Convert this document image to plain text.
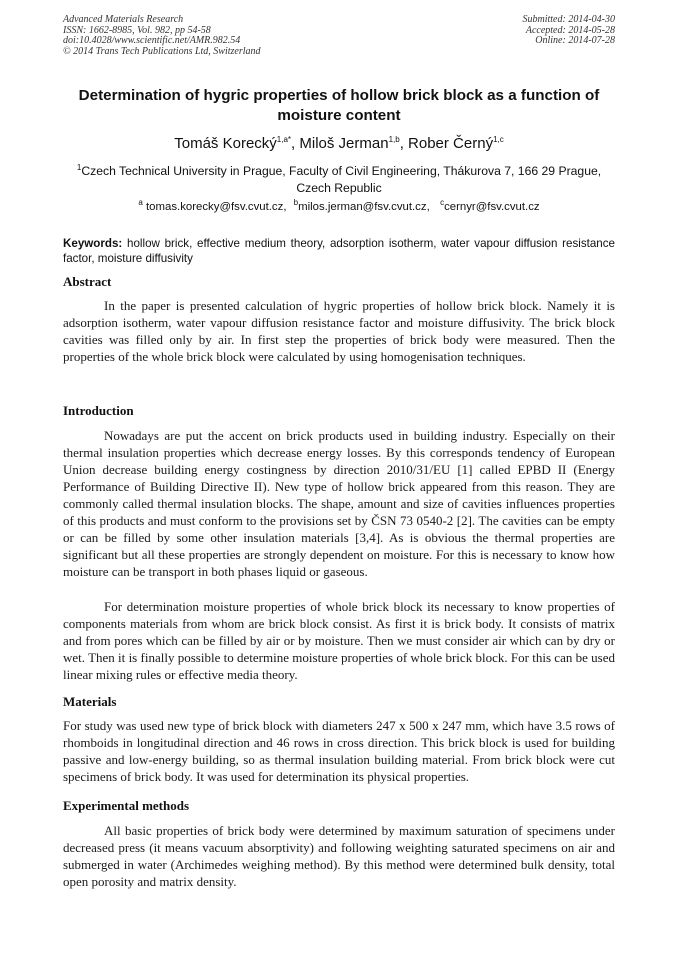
Advanced Materials Research
ISSN: 1662-8985, Vol. 982, pp 54-58
doi:10.4028/www.scientific.net/AMR.982.54
© 2014 Trans Tech Publications Ltd, Switzerland
Submitted: 2014-04-30
Accepted: 2014-05-28
Online: 2014-07-28
Determination of hygric properties of hollow brick block as a function of moisture content
Tomáš Korecký$^{1,a*}$, Miloš Jerman$^{1,b}$, Rober Černý$^{1,c}$
$^1$Czech Technical University in Prague, Faculty of Civil Engineering, Thákurova 7, 166 29 Prague, Czech Republic
$^a$ tomas.korecky@fsv.cvut.cz, $^b$milos.jerman@fsv.cvut.cz, $^c$cernyr@fsv.cvut.cz
Keywords: hollow brick, effective medium theory, adsorption isotherm, water vapour diffusion resistance factor, moisture diffusivity
Abstract
In the paper is presented calculation of hygric properties of hollow brick block. Namely it is adsorption isotherm, water vapour diffusion resistance factor and moisture diffusivity. The brick block cavities was filled only by air. In first step the properties of brick body were measured. Then the properties of the whole brick block were calculated by using homogenisation techniques.
Introduction
Nowadays are put the accent on brick products used in building industry. Especially on their thermal insulation properties which decrease energy losses. By this corresponds tendency of European Union decrease building energy costingness by direction 2010/31/EU [1] called EPBD II (Energy Performance of Building Directive II). New type of hollow brick appeared from this reason. They are commonly called thermal insulation blocks. The shape, amount and size of cavities influences properties of this products and must conform to the provisions set by ČSN 73 0540-2 [2]. The cavities can be empty or can be filled by some other insulation materials [3,4]. As is obvious the thermal properties are significant but all these properties are strongly dependent on moisture. For this is necessary to know how moisture can be transport in both phases liquid or gaseous.
For determination moisture properties of whole brick block its necessary to know properties of components materials from whom are brick block consist. As first it is brick body. It consists of matrix and from pores which can be filled by air or by moisture. Then we must consider air which can by dry or wet. Then it is finally possible to determine moisture properties of whole brick block. For this can be used linear mixing rules or effective media theory.
Materials
For study was used new type of brick block with diameters 247 x 500 x 247 mm, which have 3.5 rows of rhomboids in longitudinal direction and 46 rows in cross direction. This brick block is used for building passive and low-energy building, so as thermal insulation building material. From brick block were cut specimens of brick body. It was used for determination its physical properties.
Experimental methods
All basic properties of brick body were determined by maximum saturation of specimens under decreased press (it means vacuum absorptivity) and following weighting saturated specimens on air and submerged in water (Archimedes weighing method). By this method were determined bulk density, total open porosity and matrix density.
